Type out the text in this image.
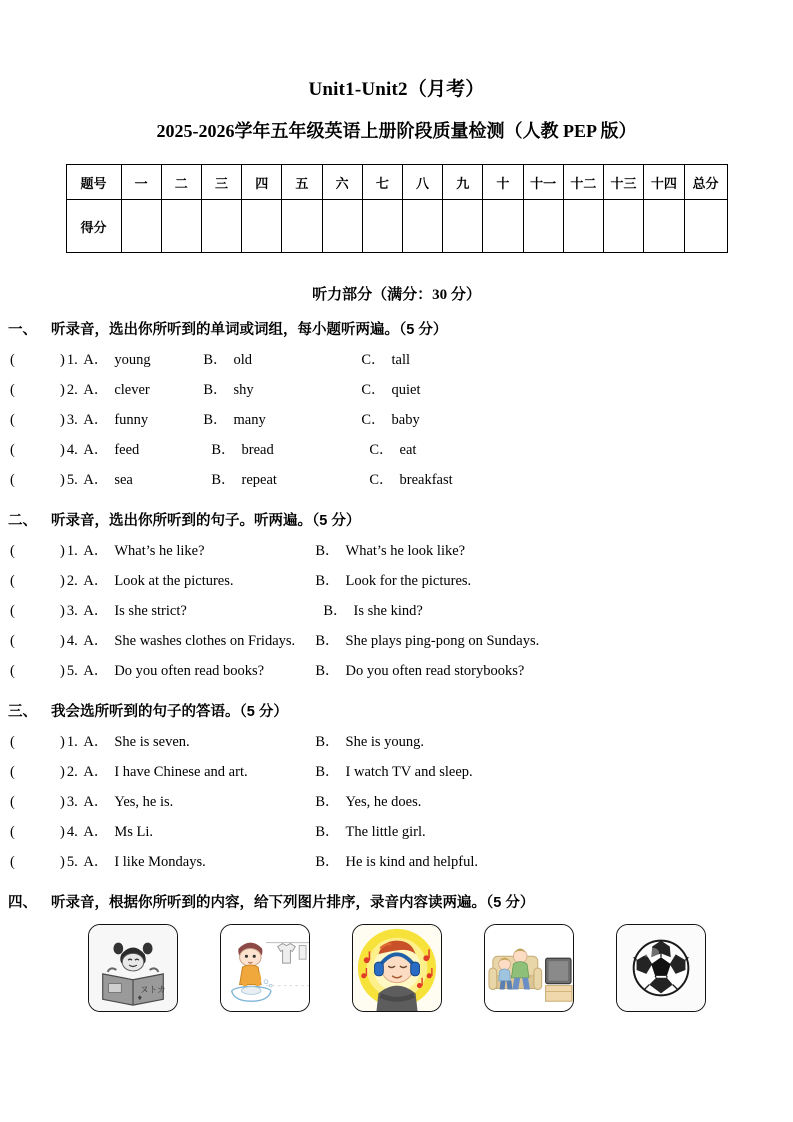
Unit1-Unit2（月考）
2025-2026学年五年级英语上册阶段质量检测（人教 PEP 版）
题号	一	二	三	四	五	六	七	八	九	十	十一	十二	十三	十四	总分
得分															
听力部分（满分：30 分）
一、 听录音，选出你所听到的单词或词组，每小题听两遍。（5 分）
(	) 1. A． young	B． old	C． tall
(	) 2. A． clever	B． shy	C． quiet
(	) 3. A． funny	B． many	C． baby
(	) 4. A． feed	B． bread	C． eat
(	) 5. A． sea	B． repeat	C． breakfast
二、 听录音，选出你所听到的句子。听两遍。（5 分）
(	) 1. A． What’s he like?	B． What’s he look like?
(	) 2. A． Look at the pictures.	B． Look for the pictures.
(	) 3. A． Is she strict?	B． Is she kind?
(	) 4. A． She washes clothes on Fridays. B． She plays ping-pong on Sundays.
(	) 5. A． Do you often read books?	B． Do you often read storybooks?
三、 我会选所听到的句子的答语。（5 分）
(	) 1. A． She is seven.	B． She is young.
(	) 2. A． I have Chinese and art.	B． I watch TV and sleep.
(	) 3. A． Yes, he is.	B． Yes, he does.
(	) 4. A． Ms Li.	B． The little girl.
(	) 5. A． I like Mondays.	B． He is kind and helpful.
四、 听录音，根据你所听到的内容，给下列图片排序，录音内容读两遍。（5 分）
ヌトカ
